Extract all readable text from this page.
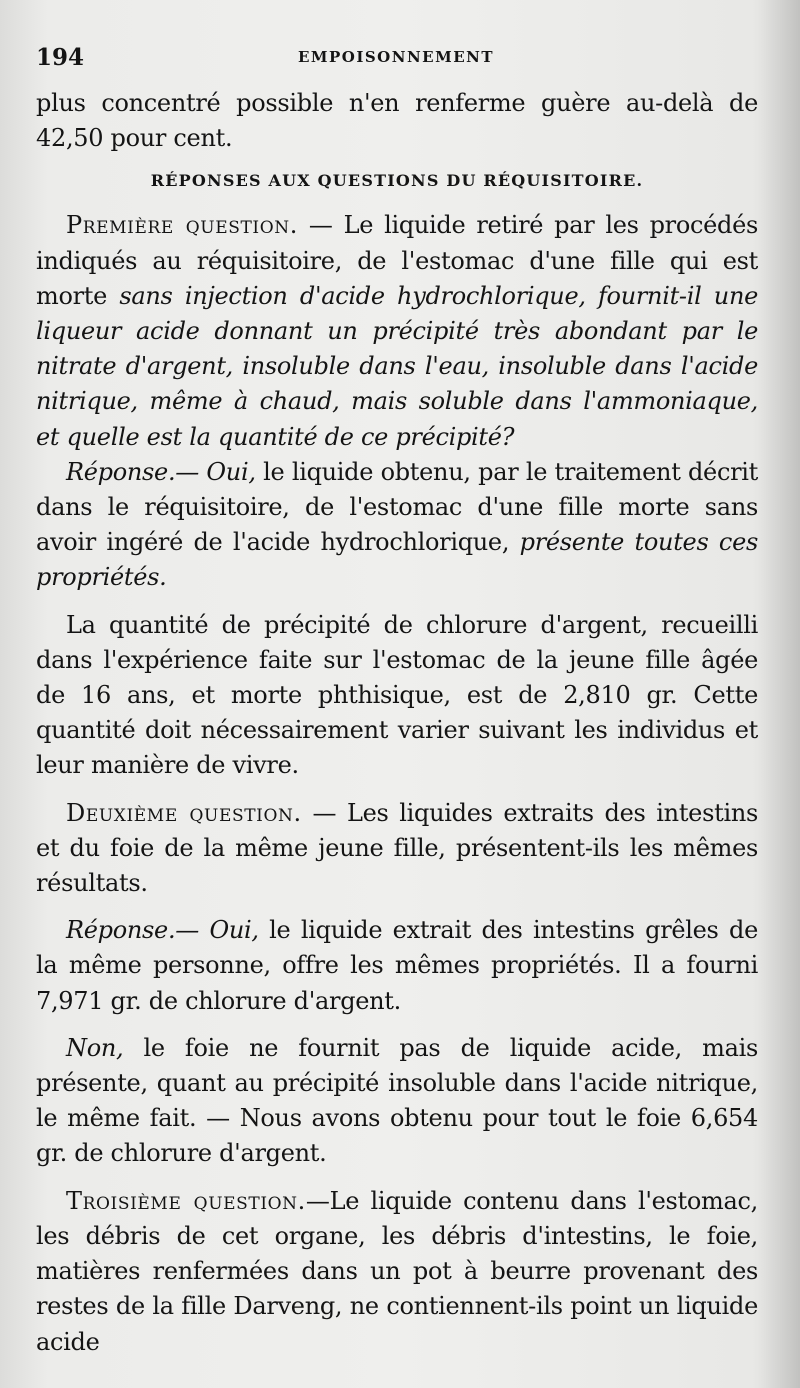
194	EMPOISONNEMENT

plus concentré possible n'en renferme guère au-delà de 42,50 pour cent.

RÉPONSES AUX QUESTIONS DU RÉQUISITOIRE.

Première question. — Le liquide retiré par les procédés indiqués au réquisitoire, de l'estomac d'une fille qui est morte sans injection d'acide hydrochlorique, fournit-il une liqueur acide donnant un précipité très abondant par le nitrate d'argent, insoluble dans l'eau, insoluble dans l'acide nitrique, même à chaud, mais soluble dans l'ammoniaque, et quelle est la quantité de ce précipité?

Réponse.— Oui, le liquide obtenu, par le traitement décrit dans le réquisitoire, de l'estomac d'une fille morte sans avoir ingéré de l'acide hydrochlorique, présente toutes ces propriétés.

La quantité de précipité de chlorure d'argent, recueilli dans l'expérience faite sur l'estomac de la jeune fille âgée de 16 ans, et morte phthisique, est de 2,810 gr. Cette quantité doit nécessairement varier suivant les individus et leur manière de vivre.

Deuxième question. — Les liquides extraits des intestins et du foie de la même jeune fille, présentent-ils les mêmes résultats.

Réponse.— Oui, le liquide extrait des intestins grêles de la même personne, offre les mêmes propriétés. Il a fourni 7,971 gr. de chlorure d'argent.

Non, le foie ne fournit pas de liquide acide, mais présente, quant au précipité insoluble dans l'acide nitrique, le même fait. — Nous avons obtenu pour tout le foie 6,654 gr. de chlorure d'argent.

Troisième question.—Le liquide contenu dans l'estomac, les débris de cet organe, les débris d'intestins, le foie, matières renfermées dans un pot à beurre provenant des restes de la fille Darveng, ne contiennent-ils point un liquide acide
